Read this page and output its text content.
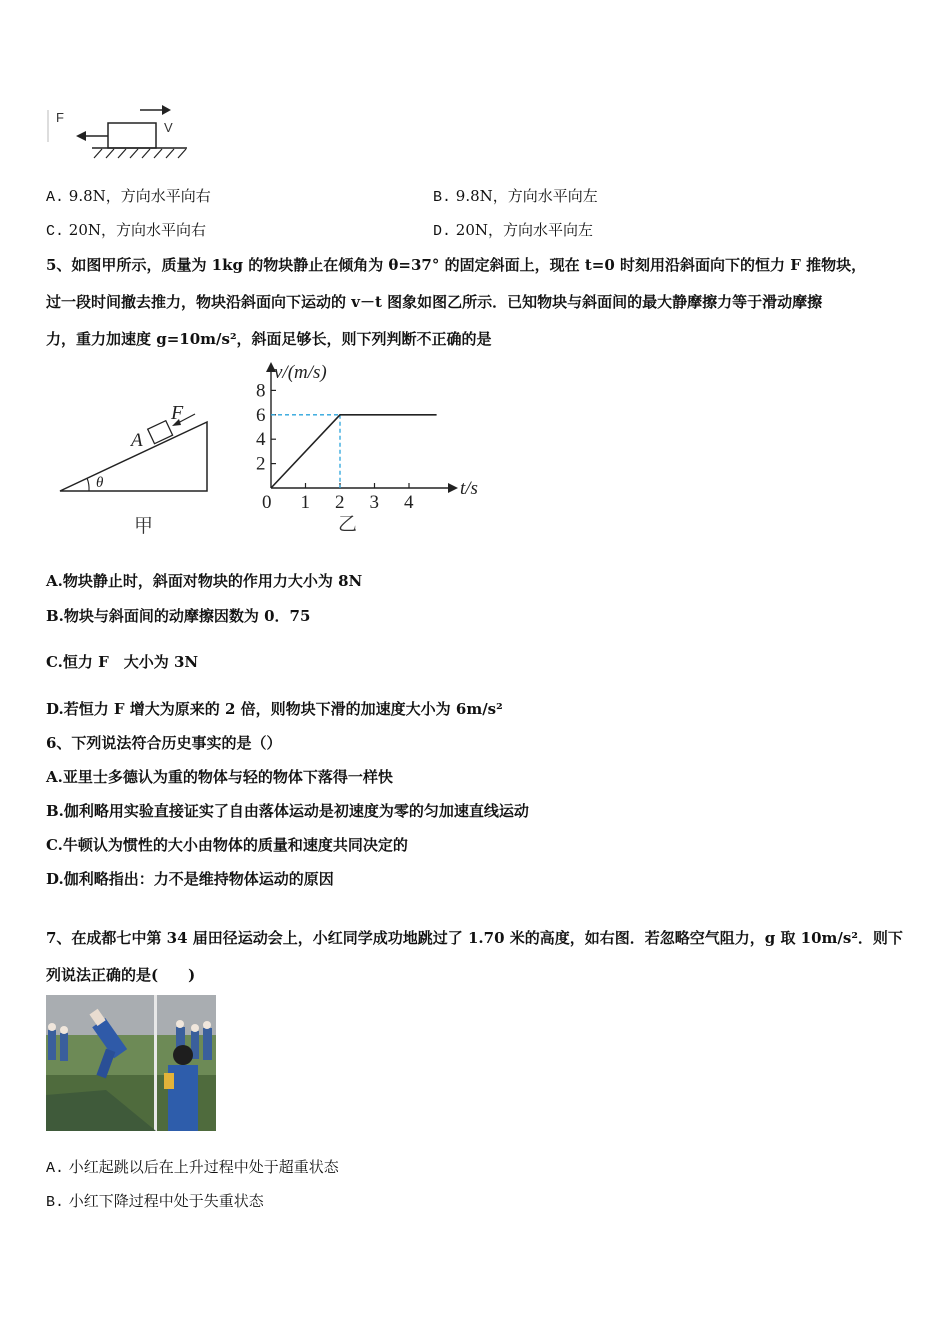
F
V
A. 9.8N，方向水平向右	B. 9.8N，方向水平向左
C. 20N，方向水平向右	D. 20N，方向水平向左
5、如图甲所示，质量为 1kg 的物块静止在倾角为 θ=37° 的固定斜面上，现在 t=0 时刻用沿斜面向下的恒力 F 推物块，
过一段时间撤去推力，物块沿斜面向下运动的 v－t 图象如图乙所示．已知物块与斜面间的最大静摩擦力等于滑动摩擦
力，重力加速度 g=10m/s²，斜面足够长，则下列判断不正确的是
F
A
θ
甲
v/(m/s)
t/s
8
6
4
2
0 1 2 3 4
乙
A.物块静止时，斜面对物块的作用力大小为 8N
B.物块与斜面间的动摩擦因数为 0．75
C.恒力 F　大小为 3N
D.若恒力 F 增大为原来的 2 倍，则物块下滑的加速度大小为 6m/s²
6、下列说法符合历史事实的是（）
A.亚里士多德认为重的物体与轻的物体下落得一样快
B.伽利略用实验直接证实了自由落体运动是初速度为零的匀加速直线运动
C.牛顿认为惯性的大小由物体的质量和速度共同决定的
D.伽利略指出：力不是维持物体运动的原因
7、在成都七中第 34 届田径运动会上，小红同学成功地跳过了 1.70 米的高度，如右图．若忽略空气阻力，g 取 10m/s²．则下
列说法正确的是(　　)
A. 小红起跳以后在上升过程中处于超重状态
B. 小红下降过程中处于失重状态
